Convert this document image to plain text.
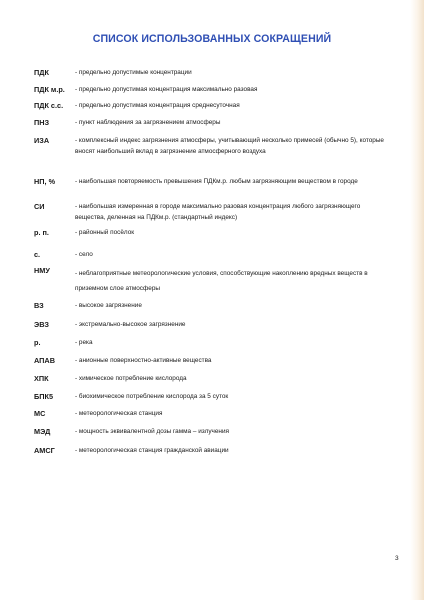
СПИСОК ИСПОЛЬЗОВАННЫХ СОКРАЩЕНИЙ
ПДК	- предельно допустимые концентрации
ПДК м.р. - предельно допустимая концентрация максимально разовая
ПДК с.с. - предельно допустимая концентрация среднесуточная
ПНЗ	- пункт наблюдения за загрязнением атмосферы
ИЗА	- комплексный индекс загрязнения атмосферы, учитывающий несколько примесей (обычно 5), которые вносят наибольший вклад в загрязнение атмосферного воздуха
НП, %	- наибольшая повторяемость превышения ПДКм.р. любым загрязняющим веществом в городе
СИ	- наибольшая измеренная в городе максимально разовая концентрация любого загрязняющего вещества, деленная на ПДКм.р. (стандартный индекс)
р. п.	- районный посёлок
с.	- село
НМУ	- неблагоприятные метеорологические условия, способствующие накоплению вредных веществ в приземном слое атмосферы
ВЗ	- высокое загрязнение
ЭВЗ	- экстремально-высокое загрязнение
р.	- река
АПАВ	- анионные поверхностно-активные вещества
ХПК	- химическое потребление кислорода
БПК5	- биохимическое потребление кислорода за 5 суток
МС	- метеорологическая станция
МЭД	- мощность эквивалентной дозы гамма – излучения
АМСГ	- метеорологическая станция гражданской авиации
3
